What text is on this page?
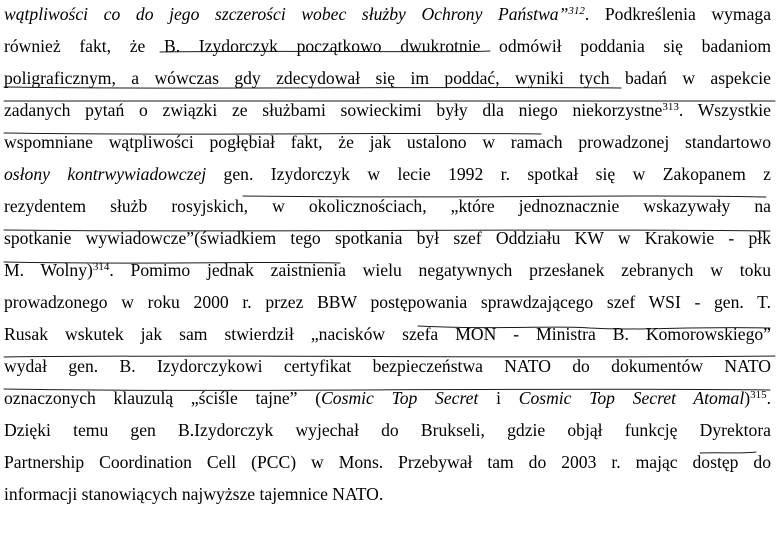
wątpliwości co do jego szczerości wobec służby Ochrony Państwa”$^{312}$. Podkreślenia wymaga
również fakt, że B. Izydorczyk początkowo dwukrotnie odmówił poddania się badaniom
poligraficznym, a wówczas gdy zdecydował się im poddać, wyniki tych badań w aspekcie
zadanych pytań o związki ze służbami sowieckimi były dla niego niekorzystne$^{313}$. Wszystkie
wspomniane wątpliwości pogłębiał fakt, że jak ustalono w ramach prowadzonej standartowo
osłony kontrwywiadowczej gen. Izydorczyk w lecie 1992 r. spotkał się w Zakopanem z
rezydentem służb rosyjskich, w okolicznościach, „które jednoznacznie wskazywały na
spotkanie wywiadowcze”(świadkiem tego spotkania był szef Oddziału KW w Krakowie - płk
M. Wolny)$^{314}$. Pomimo jednak zaistnienia wielu negatywnych przesłanek zebranych w toku
prowadzonego w roku 2000 r. przez BBW postępowania sprawdzającego szef WSI - gen. T.
Rusak wskutek jak sam stwierdził „nacisków szefa MON - Ministra B. Komorowskiego”
wydał gen. B. Izydorczykowi certyfikat bezpieczeństwa NATO do dokumentów NATO
oznaczonych klauzulą „ściśle tajne” (Cosmic Top Secret i Cosmic Top Secret Atomal)$^{315}$.
Dzięki temu gen B.Izydorczyk wyjechał do Brukseli, gdzie objął funkcję Dyrektora
Partnership Coordination Cell (PCC) w Mons. Przebywał tam do 2003 r. mając dostęp do
informacji stanowiących najwyższe tajemnice NATO.
